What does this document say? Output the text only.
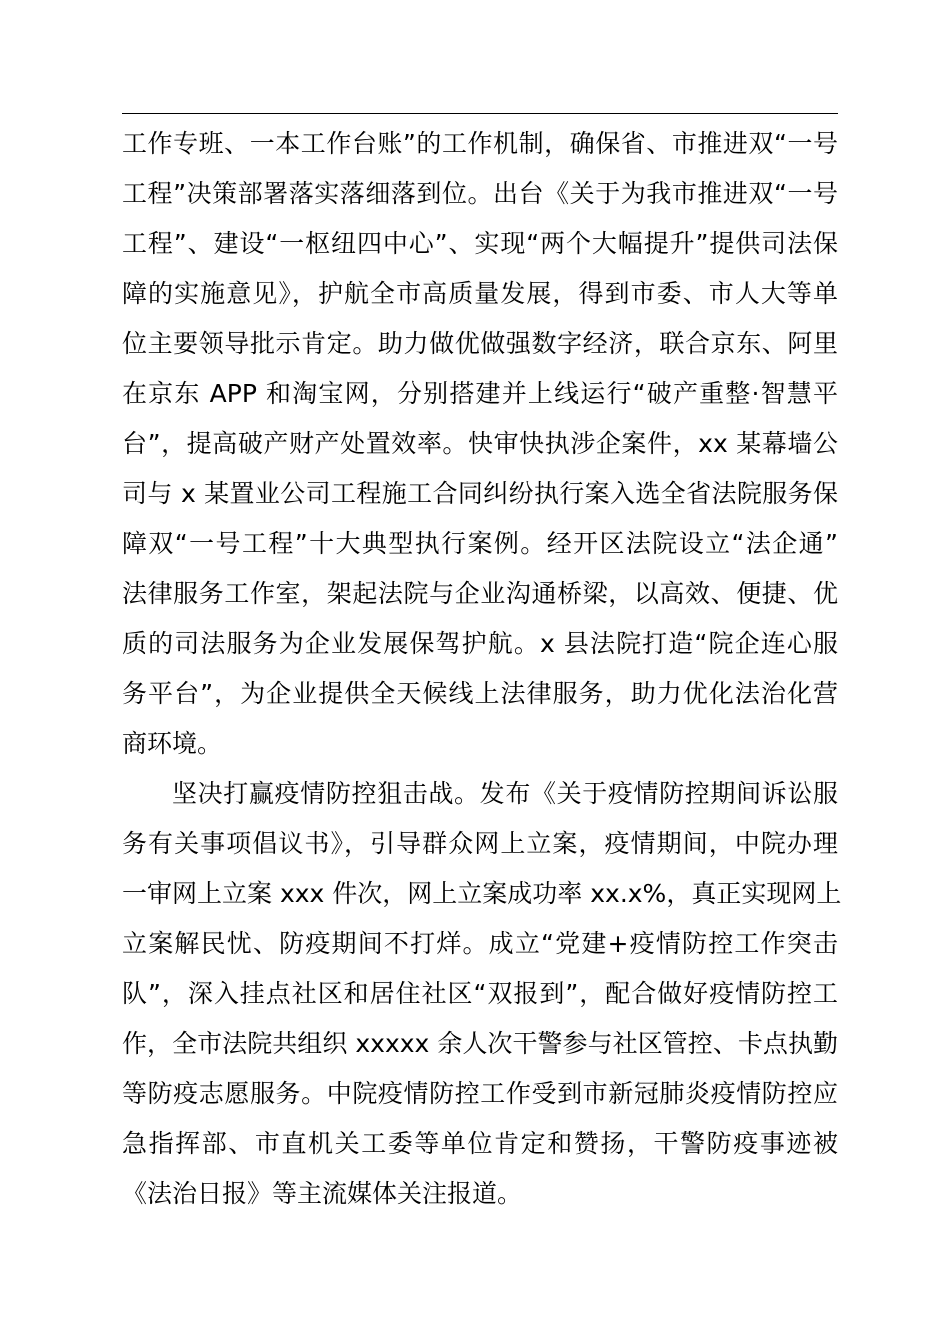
工作专班、一本工作台账”的工作机制，确保省、市推进双“一号
工程”决策部署落实落细落到位。出台《关于为我市推进双“一号
工程”、建设“一枢纽四中心”、实现“两个大幅提升”提供司法保
障的实施意见》，护航全市高质量发展，得到市委、市人大等单
位主要领导批示肯定。助力做优做强数字经济，联合京东、阿里
在京东 APP 和淘宝网，分别搭建并上线运行“破产重整·智慧平
台”，提高破产财产处置效率。快审快执涉企案件，xx 某幕墙公
司与 x 某置业公司工程施工合同纠纷执行案入选全省法院服务保
障双“一号工程”十大典型执行案例。经开区法院设立“法企通”
法律服务工作室，架起法院与企业沟通桥梁，以高效、便捷、优
质的司法服务为企业发展保驾护航。x 县法院打造“院企连心服
务平台”，为企业提供全天候线上法律服务，助力优化法治化营
商环境。
坚决打赢疫情防控狙击战。发布《关于疫情防控期间诉讼服
务有关事项倡议书》，引导群众网上立案，疫情期间，中院办理
一审网上立案 xxx 件次，网上立案成功率 xx.x%，真正实现网上
立案解民忧、防疫期间不打烊。成立“党建+疫情防控工作突击
队”，深入挂点社区和居住社区“双报到”，配合做好疫情防控工
作，全市法院共组织 xxxxx 余人次干警参与社区管控、卡点执勤
等防疫志愿服务。中院疫情防控工作受到市新冠肺炎疫情防控应
急指挥部、市直机关工委等单位肯定和赞扬，干警防疫事迹被
《法治日报》等主流媒体关注报道。
